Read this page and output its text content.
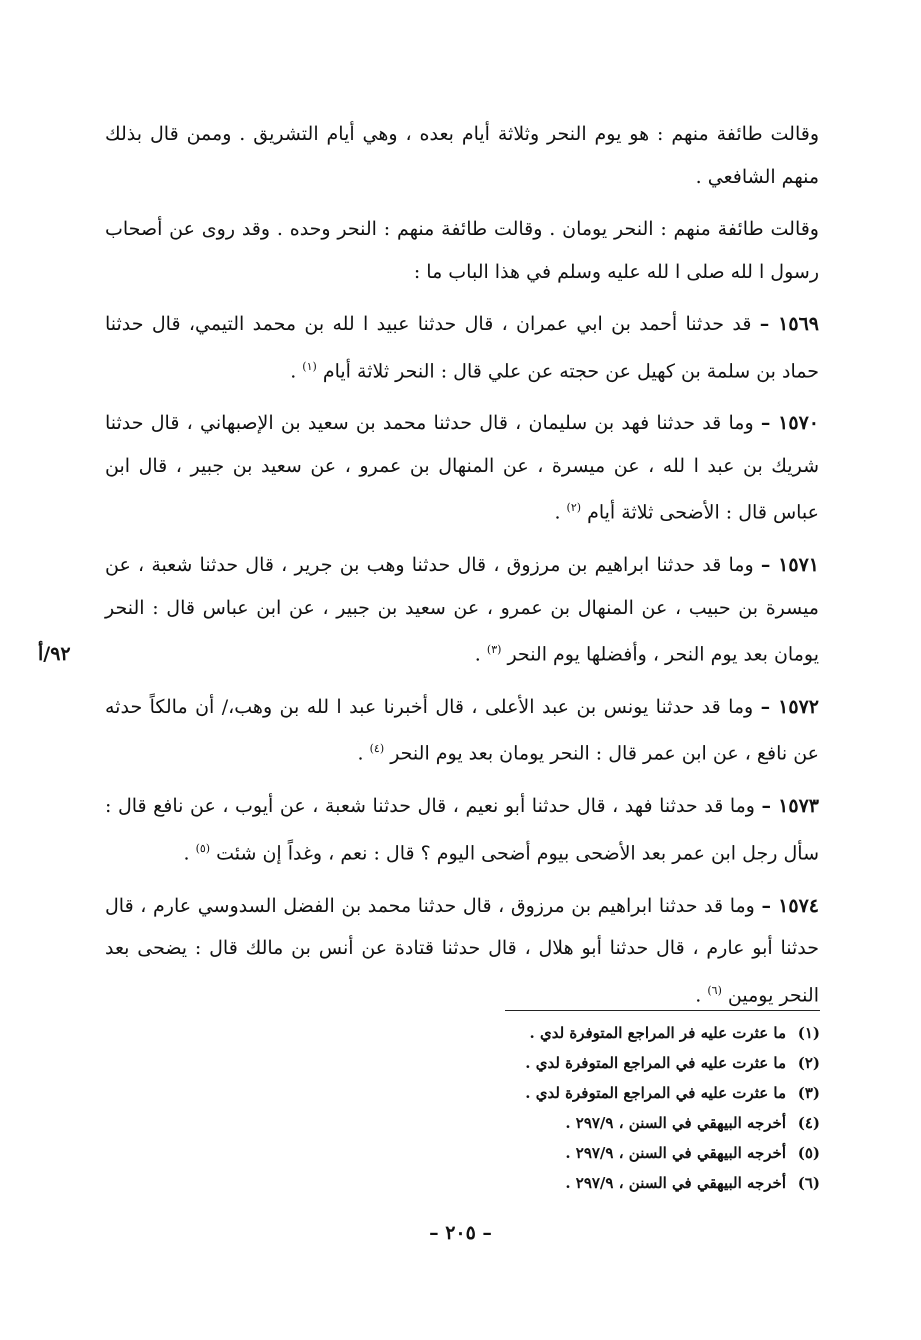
وقالت طائفة منهم : هو يوم النحر وثلاثة أيام بعده ، وهي أيام التشريق . وممن قال بذلك منهم الشافعي .

وقالت طائفة منهم : النحر يومان . وقالت طائفة منهم : النحر وحده . وقد روى عن أصحاب رسول ا لله صلى ا لله عليه وسلم في هذا الباب ما :

١٥٦٩ – قد حدثنا أحمد بن ابي عمران ، قال حدثنا عبيد ا لله بن محمد التيمي، قال حدثنا حماد بن سلمة بن كهيل عن حجته عن علي قال : النحر ثلاثة أيام $^{(١)}$ .

١٥٧٠ – وما قد حدثنا فهد بن سليمان ، قال حدثنا محمد بن سعيد بن الإصبهاني ، قال حدثنا شريك بن عبد ا لله ، عن ميسرة ، عن المنهال بن عمرو ، عن سعيد بن جبير ، قال ابن عباس قال : الأضحى ثلاثة أيام $^{(٢)}$ .

١٥٧١ – وما قد حدثنا ابراهيم بن مرزوق ، قال حدثنا وهب بن جرير ، قال حدثنا شعبة ، عن ميسرة بن حبيب ، عن المنهال بن عمرو ، عن سعيد بن جبير ، عن ابن عباس قال : النحر يومان بعد يوم النحر ، وأفضلها يوم النحر $^{(٣)}$ .

١٥٧٢ – وما قد حدثنا يونس بن عبد الأعلى ، قال أخبرنا عبد ا لله بن وهب،/ أن مالكاً حدثه عن نافع ، عن ابن عمر قال : النحر يومان بعد يوم النحر $^{(٤)}$ .

١٥٧٣ – وما قد حدثنا فهد ، قال حدثنا أبو نعيم ، قال حدثنا شعبة ، عن أيوب ، عن نافع قال : سأل رجل ابن عمر بعد الأضحى بيوم أضحى اليوم ؟ قال : نعم ، وغداً إن شئت $^{(٥)}$ .

١٥٧٤ – وما قد حدثنا ابراهيم بن مرزوق ، قال حدثنا محمد بن الفضل السدوسي عارم ، قال حدثنا أبو عارم ، قال حدثنا أبو هلال ، قال حدثنا قتادة عن أنس بن مالك قال : يضحى بعد النحر يومين $^{(٦)}$ .

٩٢/أ

(١)ما عثرت عليه فر المراجع المتوفرة لدي .

(٢)ما عثرت عليه في المراجع المتوفرة لدي .

(٣)ما عثرت عليه في المراجع المتوفرة لدي .

(٤)أخرجه البيهقي في السنن ، ٢٩٧/٩ .

(٥)أخرجه البيهقي في السنن ، ٢٩٧/٩ .

(٦)أخرجه البيهقي في السنن ، ٢٩٧/٩ .

– ٢٠٥ –
